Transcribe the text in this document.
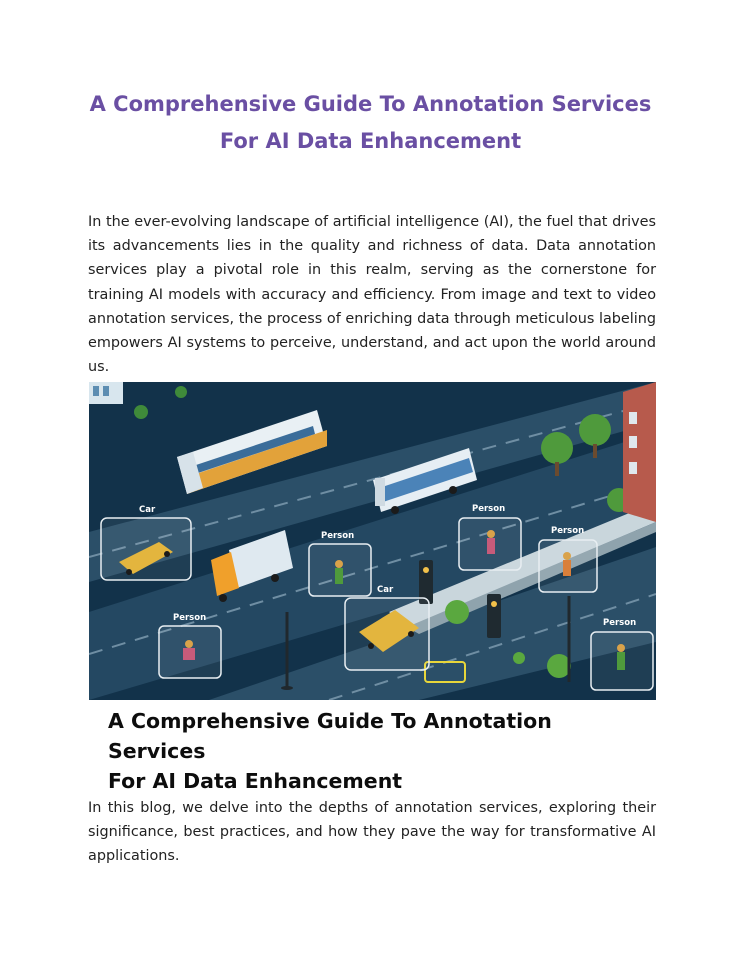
A Comprehensive Guide To Annotation Services
For AI Data Enhancement
In the ever-evolving landscape of artificial intelligence (AI), the fuel that drives its advancements lies in the quality and richness of data. Data annotation services play a pivotal role in this realm, serving as the cornerstone for training AI models with accuracy and efficiency. From image and text to video annotation services, the process of enriching data through meticulous labeling empowers AI systems to perceive, understand, and act upon the world around us.
Car
Person
Person
Person
Car
Person	Person
A Comprehensive Guide To Annotation Services
For AI Data Enhancement
In this blog, we delve into the depths of annotation services, exploring their significance, best practices, and how they pave the way for transformative AI applications.
